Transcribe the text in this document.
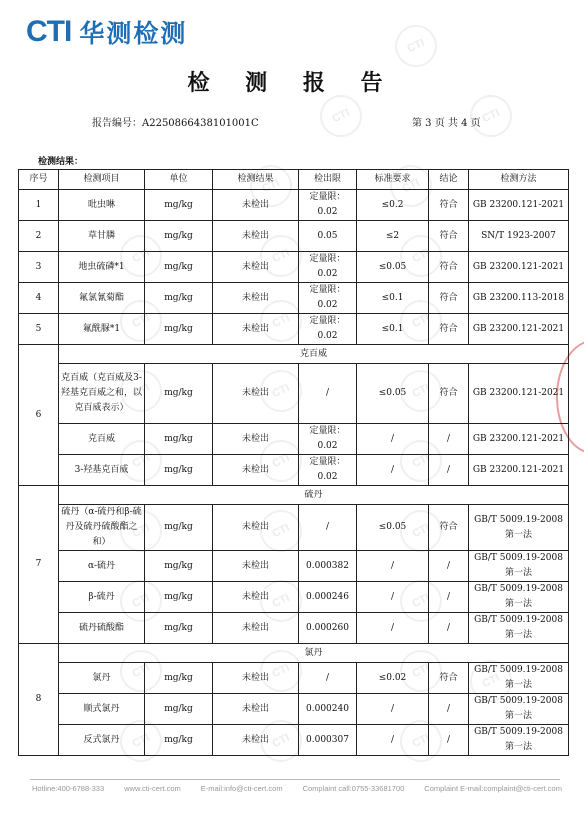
CTI
CTI	CTI
CTI
CTI
CTI	CTI	CTI
CTI	CTI	CTI
CTI	CTI	CTI
CTI	CTI	CTI
CTI	CTI	CTI
CTI	CTI	CTI
CTI	CTI	CTI
CTI	CTI	CTI
CTI
CTI 华测检测
检 测 报 告
报告编号：A2250866438101001C	第 3 页 共 4 页
检测结果：
序号	检测项目	单位	检测结果	检出限	标准要求	结论	检测方法
1	吡虫啉	mg/kg	未检出	定量限：0.02	≤0.2	符合	GB 23200.121-2021
2	草甘膦	mg/kg	未检出	0.05	≤2	符合	SN/T 1923-2007
3	地虫硫磷*1	mg/kg	未检出	定量限：0.02	≤0.05	符合	GB 23200.121-2021
4	氟氯氰菊酯	mg/kg	未检出	定量限：0.02	≤0.1	符合	GB 23200.113-2018
5	氟酰脲*1	mg/kg	未检出	定量限：0.02	≤0.1	符合	GB 23200.121-2021
6	克百威						
	克百威（克百威及3-羟基克百威之和，以克百威表示）	mg/kg	未检出	/	≤0.05	符合	GB 23200.121-2021
	克百威	mg/kg	未检出	定量限：0.02	/	/	GB 23200.121-2021
	3-羟基克百威	mg/kg	未检出	定量限：0.02	/	/	GB 23200.121-2021
7	硫丹						
	硫丹（α-硫丹和β-硫丹及硫丹硫酸酯之和）	mg/kg	未检出	/	≤0.05	符合	GB/T 5009.19-2008 第一法
	α-硫丹	mg/kg	未检出	0.000382	/	/	GB/T 5009.19-2008 第一法
	β-硫丹	mg/kg	未检出	0.000246	/	/	GB/T 5009.19-2008 第一法
	硫丹硫酸酯	mg/kg	未检出	0.000260	/	/	GB/T 5009.19-2008 第一法
8	氯丹						
	氯丹	mg/kg	未检出	/	≤0.02	符合	GB/T 5009.19-2008 第一法
	顺式氯丹	mg/kg	未检出	0.000240	/	/	GB/T 5009.19-2008 第一法
	反式氯丹	mg/kg	未检出	0.000307	/	/	GB/T 5009.19-2008 第一法
Hotline:400-6788-333	www.cti-cert.com	E-mail:info@cti-cert.com	Complaint call:0755-33681700	Complaint E-mail:complaint@cti-cert.com
